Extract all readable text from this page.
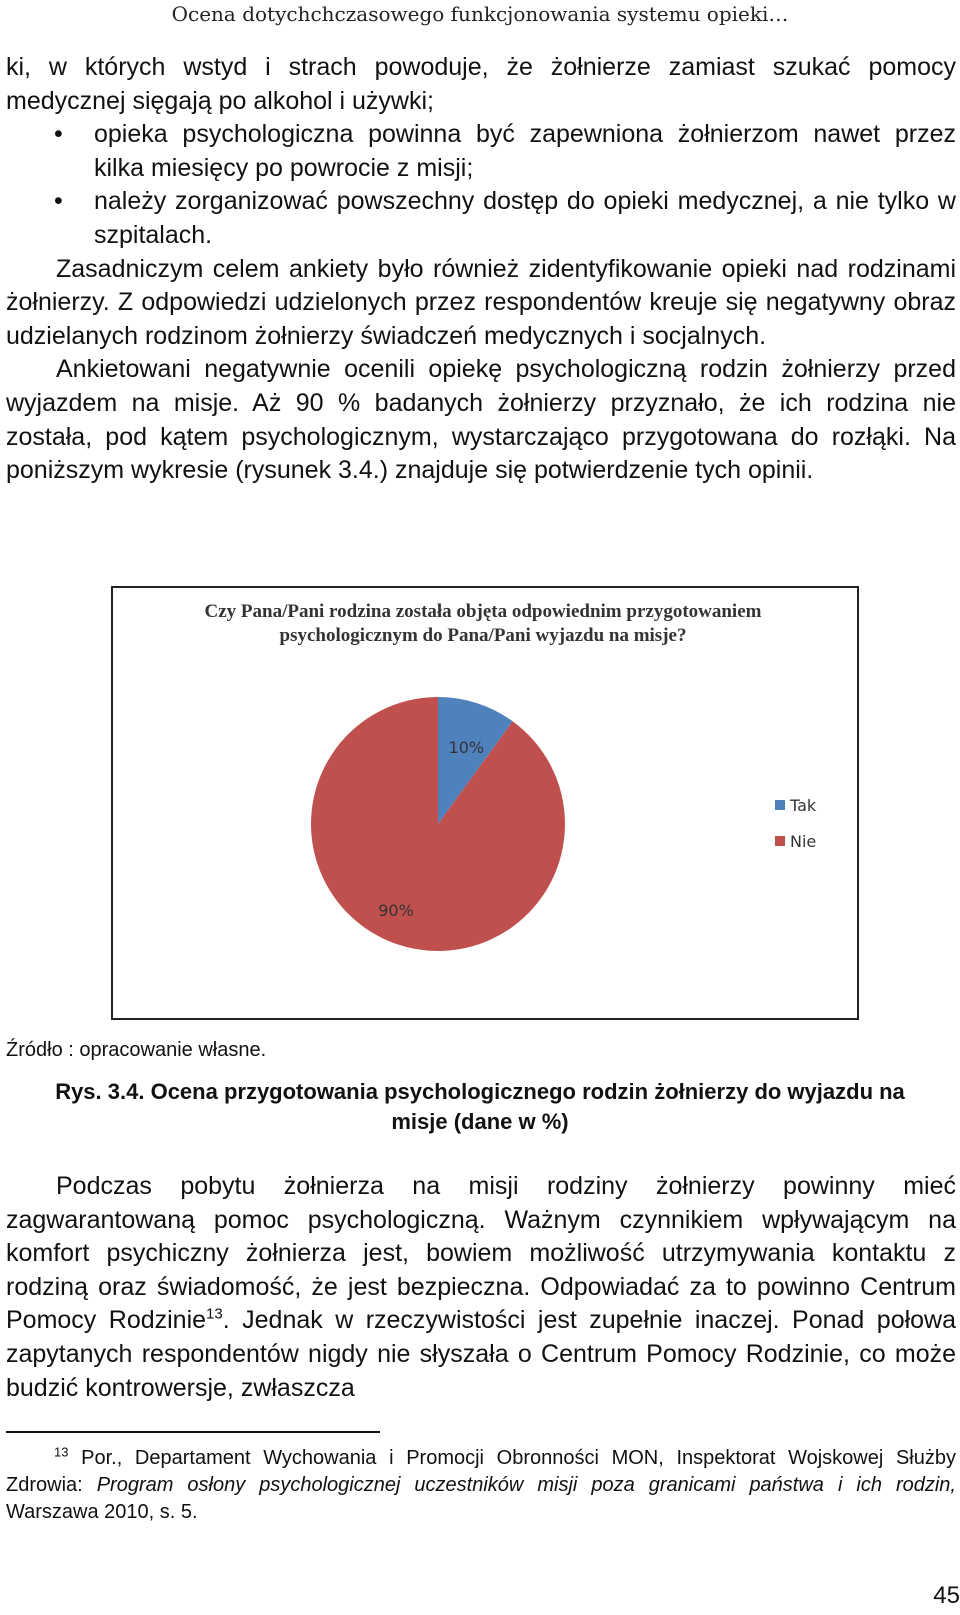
Ocena dotychchczasowego funkcjonowania systemu opieki…

ki, w których wstyd i strach powoduje, że żołnierze zamiast szukać pomocy medycznej sięgają po alkohol i używki;

• opieka psychologiczna powinna być zapewniona żołnierzom nawet przez kilka miesięcy po powrocie z misji;

• należy zorganizować powszechny dostęp do opieki medycznej, a nie tylko w szpitalach.

Zasadniczym celem ankiety było również zidentyfikowanie opieki nad rodzinami żołnierzy. Z odpowiedzi udzielonych przez respondentów kreuje się negatywny obraz udzielanych rodzinom żołnierzy świadczeń medycznych i socjalnych.

Ankietowani negatywnie ocenili opiekę psychologiczną rodzin żołnierzy przed wyjazdem na misje. Aż 90 % badanych żołnierzy przyznało, że ich rodzina nie została, pod kątem psychologicznym, wystarczająco przygotowana do rozłąki. Na poniższym wykresie (rysunek 3.4.) znajduje się potwierdzenie tych opinii.

Czy Pana/Pani rodzina została objęta odpowiednim przygotowaniem psychologicznym do Pana/Pani wyjazdu na misje?
10%
90%
Tak
Nie
Źródło : opracowanie własne.
Rys. 3.4. Ocena przygotowania psychologicznego rodzin żołnierzy do wyjazdu na misje (dane w %)

Podczas pobytu żołnierza na misji rodziny żołnierzy powinny mieć zagwarantowaną pomoc psychologiczną. Ważnym czynnikiem wpływającym na komfort psychiczny żołnierza jest, bowiem możliwość utrzymywania kontaktu z rodziną oraz świadomość, że jest bezpieczna. Odpowiadać za to powinno Centrum Pomocy Rodzinie$^{13}$. Jednak w rzeczywistości jest zupełnie inaczej. Ponad połowa zapytanych respondentów nigdy nie słyszała o Centrum Pomocy Rodzinie, co może budzić kontrowersje, zwłaszcza

$^{13}$ Por., Departament Wychowania i Promocji Obronności MON, Inspektorat Wojskowej Służby Zdrowia: Program osłony psychologicznej uczestników misji poza granicami państwa i ich rodzin, Warszawa 2010, s. 5.
45
